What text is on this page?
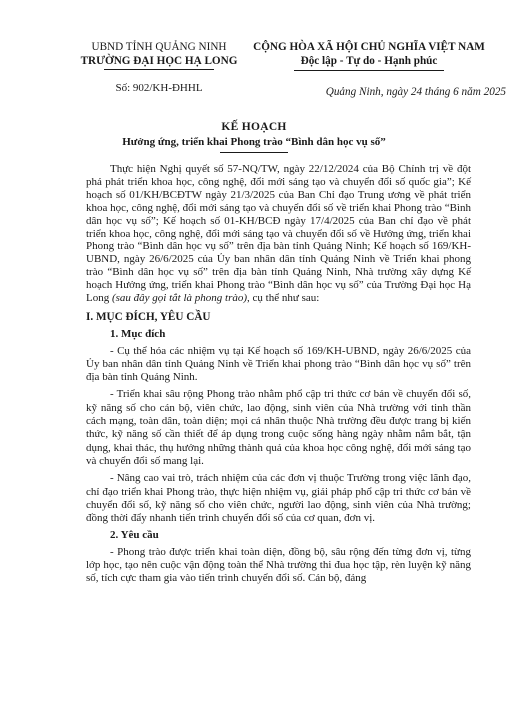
UBND TỈNH QUẢNG NINH
TRƯỜNG ĐẠI HỌC HẠ LONG
Số: 902/KH-ĐHHL
CỘNG HÒA XÃ HỘI CHỦ NGHĨA VIỆT NAM
Độc lập - Tự do - Hạnh phúc
Quảng Ninh, ngày 24 tháng 6 năm 2025
KẾ HOẠCH
Hưởng ứng, triển khai Phong trào “Bình dân học vụ số”

Thực hiện Nghị quyết số 57-NQ/TW, ngày 22/12/2024 của Bộ Chính trị về đột phá phát triển khoa học, công nghệ, đổi mới sáng tạo và chuyển đổi số quốc gia”; Kế hoạch số 01/KH/BCĐTW ngày 21/3/2025 của Ban Chỉ đạo Trung ương về phát triển khoa học, công nghệ, đổi mới sáng tạo và chuyển đổi số về triển khai Phong trào “Bình dân học vụ số”; Kế hoạch số 01-KH/BCĐ ngày 17/4/2025 của Ban chỉ đạo về phát triển khoa học, công nghệ, đổi mới sáng tạo và chuyển đổi số về Hưởng ứng, triển khai Phong trào “Bình dân học vụ số” trên địa bàn tỉnh Quảng Ninh; Kế hoạch số 169/KH-UBND, ngày 26/6/2025 của Ủy ban nhân dân tỉnh Quảng Ninh về Triển khai phong trào “Bình dân học vụ số” trên địa bàn tỉnh Quảng Ninh, Nhà trường xây dựng Kế hoạch Hưởng ứng, triển khai Phong trào “Bình dân học vụ số” của Trường Đại học Hạ Long (sau đây gọi tắt là phong trào), cụ thể như sau:

I. MỤC ĐÍCH, YÊU CẦU
1. Mục đích

- Cụ thể hóa các nhiệm vụ tại Kế hoạch số 169/KH-UBND, ngày 26/6/2025 của Ủy ban nhân dân tỉnh Quảng Ninh về Triển khai phong trào “Bình dân học vụ số” trên địa bàn tỉnh Quảng Ninh.

- Triển khai sâu rộng Phong trào nhằm phổ cập tri thức cơ bản về chuyển đổi số, kỹ năng số cho cán bộ, viên chức, lao động, sinh viên của Nhà trường với tinh thần cách mạng, toàn dân, toàn diện; mọi cá nhân thuộc Nhà trường đều được trang bị kiến thức, kỹ năng số cần thiết để áp dụng trong cuộc sống hàng ngày nhằm nắm bắt, tận dụng, khai thác, thụ hưởng những thành quả của khoa học công nghệ, đổi mới sáng tạo và chuyển đổi số mang lại.

- Nâng cao vai trò, trách nhiệm của các đơn vị thuộc Trường trong việc lãnh đạo, chỉ đạo triển khai Phong trào, thực hiện nhiệm vụ, giải pháp phổ cập tri thức cơ bản về chuyển đổi số, kỹ năng số cho viên chức, người lao động, sinh viên của Nhà trường; đồng thời đẩy nhanh tiến trình chuyển đổi số của cơ quan, đơn vị.

2. Yêu cầu

- Phong trào được triển khai toàn diện, đồng bộ, sâu rộng đến từng đơn vị, từng lớp học, tạo nên cuộc vận động toàn thể Nhà trường thi đua học tập, rèn luyện kỹ năng số, tích cực tham gia vào tiến trình chuyển đổi số. Cán bộ, đảng
